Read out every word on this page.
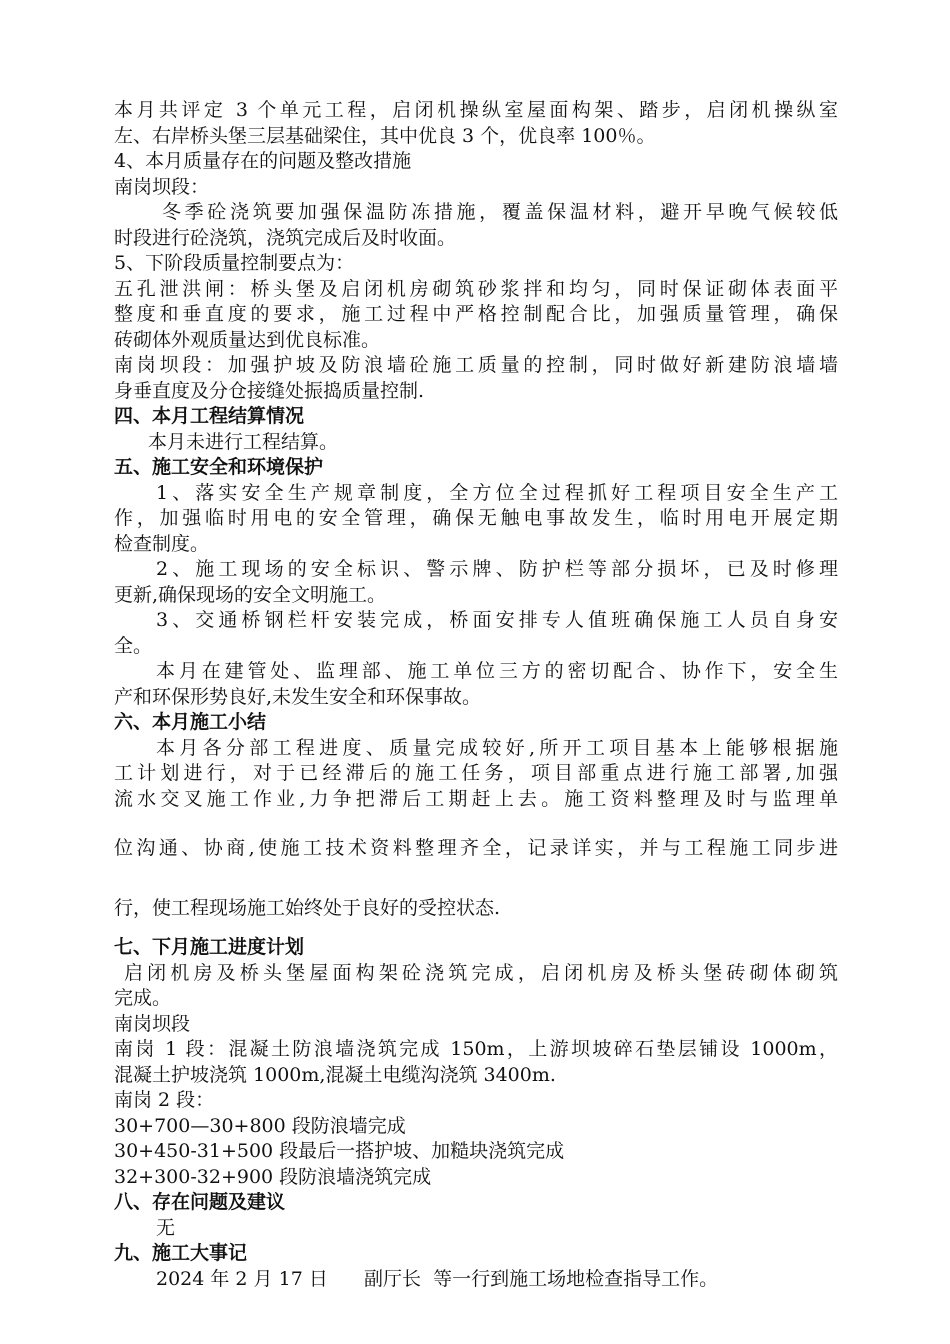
本月共评定 3 个单元工程，启闭机操纵室屋面构架、踏步，启闭机操纵室

左、右岸桥头堡三层基础梁住，其中优良 3 个，优良率 100％。

4、本月质量存在的问题及整改措施

南岗坝段：

冬季砼浇筑要加强保温防冻措施，覆盖保温材料，避开早晚气候较低

时段进行砼浇筑，浇筑完成后及时收面。

5、下阶段质量控制要点为：

五孔泄洪闸：桥头堡及启闭机房砌筑砂浆拌和均匀，同时保证砌体表面平

整度和垂直度的要求，施工过程中严格控制配合比，加强质量管理，确保

砖砌体外观质量达到优良标准。

南岗坝段：加强护坡及防浪墙砼施工质量的控制，同时做好新建防浪墙墙

身垂直度及分仓接缝处振捣质量控制.

四、本月工程结算情况

本月未进行工程结算。

五、施工安全和环境保护

1、落实安全生产规章制度，全方位全过程抓好工程项目安全生产工

作，加强临时用电的安全管理，确保无触电事故发生，临时用电开展定期

检查制度。

2、施工现场的安全标识、警示牌、防护栏等部分损坏，已及时修理

更新,确保现场的安全文明施工。

3、交通桥钢栏杆安装完成，桥面安排专人值班确保施工人员自身安

全。

本月在建管处、监理部、施工单位三方的密切配合、协作下，安全生

产和环保形势良好,未发生安全和环保事故。

六、本月施工小结

本月各分部工程进度、质量完成较好,所开工项目基本上能够根据施

工计划进行，对于已经滞后的施工任务，项目部重点进行施工部署,加强

流水交叉施工作业,力争把滞后工期赶上去。施工资料整理及时与监理单

位沟通、协商,使施工技术资料整理齐全，记录详实，并与工程施工同步进

行，使工程现场施工始终处于良好的受控状态.

七、下月施工进度计划

启闭机房及桥头堡屋面构架砼浇筑完成，启闭机房及桥头堡砖砌体砌筑

完成。

南岗坝段

南岗 1 段：混凝土防浪墙浇筑完成 150m，上游坝坡碎石垫层铺设 1000m，

混凝土护坡浇筑 1000m,混凝土电缆沟浇筑 3400m.

南岗 2 段：

30+700—30+800 段防浪墙完成

30+450-31+500 段最后一搭护坡、加糙块浇筑完成

32+300-32+900 段防浪墙浇筑完成

八、存在问题及建议

无

九、施工大事记

2024 年 2 月 17 日      副厅长  等一行到施工场地检查指导工作。
